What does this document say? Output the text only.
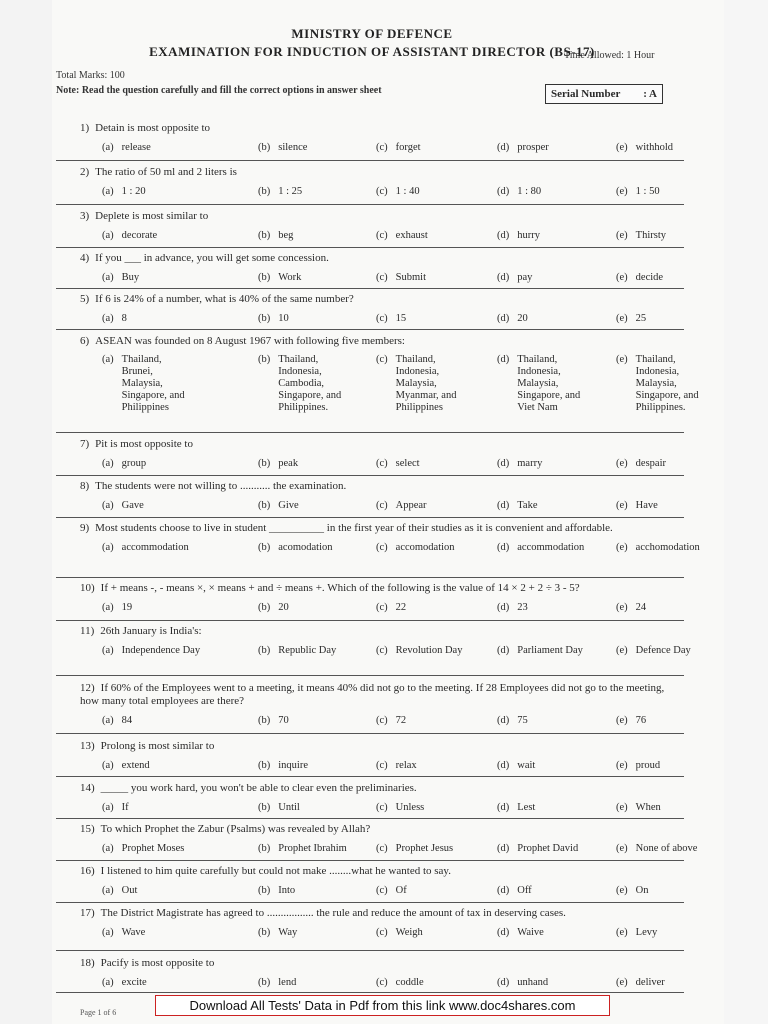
MINISTRY OF DEFENCE
EXAMINATION FOR INDUCTION OF ASSISTANT DIRECTOR (BS-17)
Time Allowed: 1 Hour
Total Marks: 100
Note: Read the question carefully and fill the correct options in answer sheet	Serial Number : A

1) Detain is most opposite to

(a) release	(b) silence	(c) forget	(d) prosper	(e) withhold

2) The ratio of 50 ml and 2 liters is

(a) 1 : 20	(b) 1 : 25	(c) 1 : 40	(d) 1 : 80	(e) 1 : 50

3) Deplete is most similar to

(a) decorate	(b) beg	(c) exhaust	(d) hurry	(e) Thirsty

4) If you ___ in advance, you will get some concession.

(a) Buy	(b) Work	(c) Submit	(d) pay	(e) decide

5) If 6 is 24% of a number, what is 40% of the same number?

(a) 8	(b) 10	(c) 15	(d) 20	(e) 25

6) ASEAN was founded on 8 August 1967 with following five members:

(a) Thailand, Brunei, Malaysia, Singapore, and Philippines
(b) Thailand, Indonesia, Cambodia, Singapore, and Philippines.
(c) Thailand, Indonesia, Malaysia, Myanmar, and Philippines
(d) Thailand, Indonesia, Malaysia, Singapore, and Viet Nam
(e) Thailand, Indonesia, Malaysia, Singapore, and Philippines.

7) Pit is most opposite to

(a) group	(b) peak	(c) select	(d) marry	(e) despair

8) The students were not willing to ........... the examination.

(a) Gave	(b) Give	(c) Appear	(d) Take	(e) Have

9) Most students choose to live in student __________ in the first year of their studies as it is convenient and affordable.

(a) accommodation	(b) acomodation	(c) accomodation	(d) accommodation	(e) acchomodation

10) If + means -, - means ×, × means + and ÷ means +. Which of the following is the value of 14 × 2 + 2 ÷ 3 - 5?

(a) 19	(b) 20	(c) 22	(d) 23	(e) 24

11) 26th January is India's:

(a) Independence Day	(b) Republic Day	(c) Revolution Day	(d) Parliament Day	(e) Defence Day

12) If 60% of the Employees went to a meeting, it means 40% did not go to the meeting. If 28 Employees did not go to the meeting, how many total employees are there?

(a) 84	(b) 70	(c) 72	(d) 75	(e) 76

13) Prolong is most similar to

(a) extend	(b) inquire	(c) relax	(d) wait	(e) proud

14) _____ you work hard, you won't be able to clear even the preliminaries.

(a) If	(b) Until	(c) Unless	(d) Lest	(e) When

15) To which Prophet the Zabur (Psalms) was revealed by Allah?

(a) Prophet Moses	(b) Prophet Ibrahim	(c) Prophet Jesus	(d) Prophet David	(e) None of above

16) I listened to him quite carefully but could not make ........what he wanted to say.

(a) Out	(b) Into	(c) Of	(d) Off	(e) On

17) The District Magistrate has agreed to ................. the rule and reduce the amount of tax in deserving cases.

(a) Wave	(b) Way	(c) Weigh	(d) Waive	(e) Levy

18) Pacify is most opposite to

(a) excite	(b) lend	(c) coddle	(d) unhand	(e) deliver
Page 1 of 6	Download All Tests' Data in Pdf from this link www.doc4shares.com
